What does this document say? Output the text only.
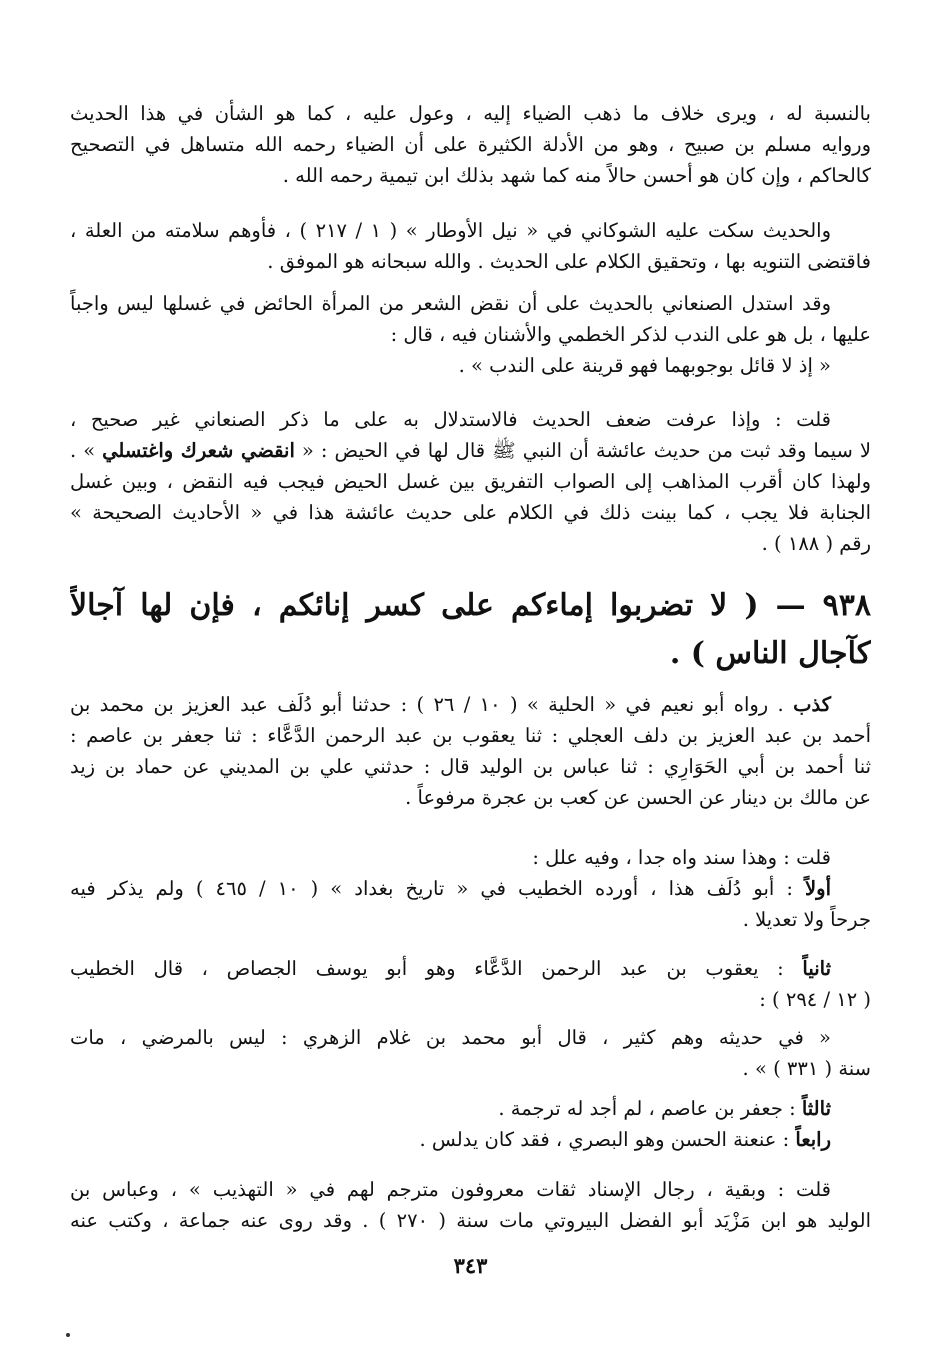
بالنسبة له ، ويرى خلاف ما ذهب الضياء إليه ، وعول عليه ، كما هو الشأن في هذا الحديث
وروايه مسلم بن صبيح ، وهو من الأدلة الكثيرة على أن الضياء رحمه الله متساهل في التصحيح
كالحاكم ، وإن كان هو أحسن حالاً منه كما شهد بذلك ابن تيمية رحمه الله .
والحديث سكت عليه الشوكاني في « نيل الأوطار » ( ١ / ٢١٧ ) ، فأوهم سلامته من العلة ،
فاقتضى التنويه بها ، وتحقيق الكلام على الحديث . والله سبحانه هو الموفق .
وقد استدل الصنعاني بالحديث على أن نقض الشعر من المرأة الحائض في غسلها ليس واجباً
عليها ، بل هو على الندب لذكر الخطمي والأشنان فيه ، قال :
« إذ لا قائل بوجوبهما فهو قرينة على الندب » .
قلت : وإذا عرفت ضعف الحديث فالاستدلال به على ما ذكر الصنعاني غير صحيح ،
لا سيما وقد ثبت من حديث عائشة أن النبي ﷺ قال لها في الحيض : « انقضي شعرك واغتسلي » .
ولهذا كان أقرب المذاهب إلى الصواب التفريق بين غسل الحيض فيجب فيه النقض ، وبين غسل
الجنابة فلا يجب ، كما بينت ذلك في الكلام على حديث عائشة هذا في « الأحاديث الصحيحة »
رقم ( ١٨٨ ) .
٩٣٨ — ( لا تضربوا إماءكم على كسر إنائكم ، فإن لها آجالاً
كآجال الناس ) .
كذب . رواه أبو نعيم في « الحلية » ( ١٠ / ٢٦ ) : حدثنا أبو دُلَف عبد العزيز بن محمد بن
أحمد بن عبد العزيز بن دلف العجلي : ثنا يعقوب بن عبد الرحمن الدَّعَّاء : ثنا جعفر بن عاصم :
ثنا أحمد بن أبي الحَوَارِي : ثنا عباس بن الوليد قال : حدثني علي بن المديني عن حماد بن زيد
عن مالك بن دينار عن الحسن عن كعب بن عجرة مرفوعاً .
قلت : وهذا سند واه جدا ، وفيه علل :
أولاً : أبو دُلَف هذا ، أورده الخطيب في « تاريخ بغداد » ( ١٠ / ٤٦٥ ) ولم يذكر فيه
جرحاً ولا تعديلا .
ثانياً : يعقوب بن عبد الرحمن الدَّعَّاء وهو أبو يوسف الجصاص ، قال الخطيب
( ١٢ / ٢٩٤ ) :
« في حديثه وهم كثير ، قال أبو محمد بن غلام الزهري : ليس بالمرضي ، مات
سنة ( ٣٣١ ) » .
ثالثاً : جعفر بن عاصم ، لم أجد له ترجمة .
رابعاً : عنعنة الحسن وهو البصري ، فقد كان يدلس .
قلت : وبقية ، رجال الإسناد ثقات معروفون مترجم لهم في « التهذيب » ، وعباس بن
الوليد هو ابن مَزْيَد أبو الفضل البيروتي مات سنة ( ٢٧٠ ) . وقد روى عنه جماعة ، وكتب عنه
٣٤٣
